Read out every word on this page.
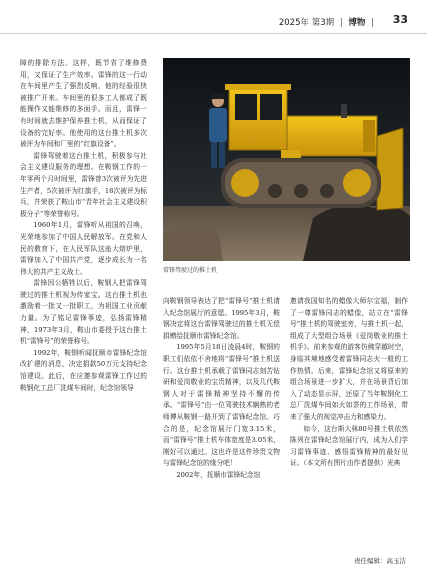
2025年 第3期 | 博物 | 33

障的排除方法。这样，既节省了维修费用，又保证了生产效率。雷锋的这一行动在车间里产生了强烈反响，他的经验很快被推广开来。车间里的很多工人都成了既能操作又能维修的多面手。而且，雷锋一有时间就去维护保养推土机，从而保证了设备的完好率。他使用的这台推土机多次被评为车间和厂里的“红旗设备”。

雷锋驾驶着这台推土机，积极参与社会主义建设服务的理想。在鞍钢工作的一年零两个月时间里，雷锋曾3次被评为先进生产者，5次被评为红旗手，18次被评为标兵，并荣获了鞍山市“青年社会主义建设积极分子”等荣誉称号。

1960年1月，雷锋听从祖国的召唤，光荣地参加了中国人民解放军。在党和人民的教育下，在人民军队这座大熔炉里，雷锋加入了中国共产党，逐步成长为一名伟大的共产主义战士。

雷锋因公牺牲以后，鞍钢人把雷锋驾驶过的推土机视为传家宝。这台推土机也激励着一批又一批职工，为祖国工业贡献力量。为了铭记雷锋事迹，弘扬雷锋精神，1973年3月，鞍山市委授予这台推土机“雷锋号”的荣誉称号。

1992年，鞍钢听闻抚顺市雷锋纪念馆改扩建的消息，决定捐款50万元支持纪念馆建设。此后，在应邀参观雷锋工作过的鞍钢化工总厂洗煤车间时，纪念馆领导

雷锋驾驶过的推土机

向鞍钢领导表达了把“雷锋号”推土机请入纪念馆展厅的意愿。1995年3月，鞍钢决定将这台雷锋驾驶过的推土机无偿捐赠给抚顺市雷锋纪念馆。

1995年5月18日凌晨4时，鞍钢的职工们依依不舍地将“雷锋号”推土机送行。这台推土机承载了雷锋同志刻苦钻研和爱岗敬业的宝贵精神，以及几代鞍钢人对于雷锋精神坚持不懈的传承。“雷锋号”由一位驾驶技术娴熟的老师傅从鞍钢一路开到了雷锋纪念馆。巧合的是，纪念馆展厅门宽3.15米，而“雷锋号”推土机车体宽度是3.05米，刚好可以通过。这也许是这件珍贵文物与雷锋纪念馆的缘分吧！

2002年，抚顺市雷锋纪念馆

邀请我国知名的蜡像大师尔宝福，制作了一尊雷锋同志的蜡像，站立在“雷锋号”推土机的驾驶室旁，与推土机一起，组成了大型组合场景《爱岗敬业的推土机手》。前来参观的游客仿佛穿越时空，身临其境地感受着雷锋同志火一般的工作热情。后来，雷锋纪念馆又将原来的组合场景进一步扩大，并在场景背后加入了动态显示屏，还原了当年鞍钢化工总厂洗煤车间如火如荼的工作场景，带来了强大的视觉冲击力和感染力。

如今，这台斯大林80号推土机依然陈列在雷锋纪念馆展厅内，成为人们学习雷锋事迹、感悟雷锋精神的最好见证。（本文所有图片由作者提供）光典

责任编辑：高玉洁
